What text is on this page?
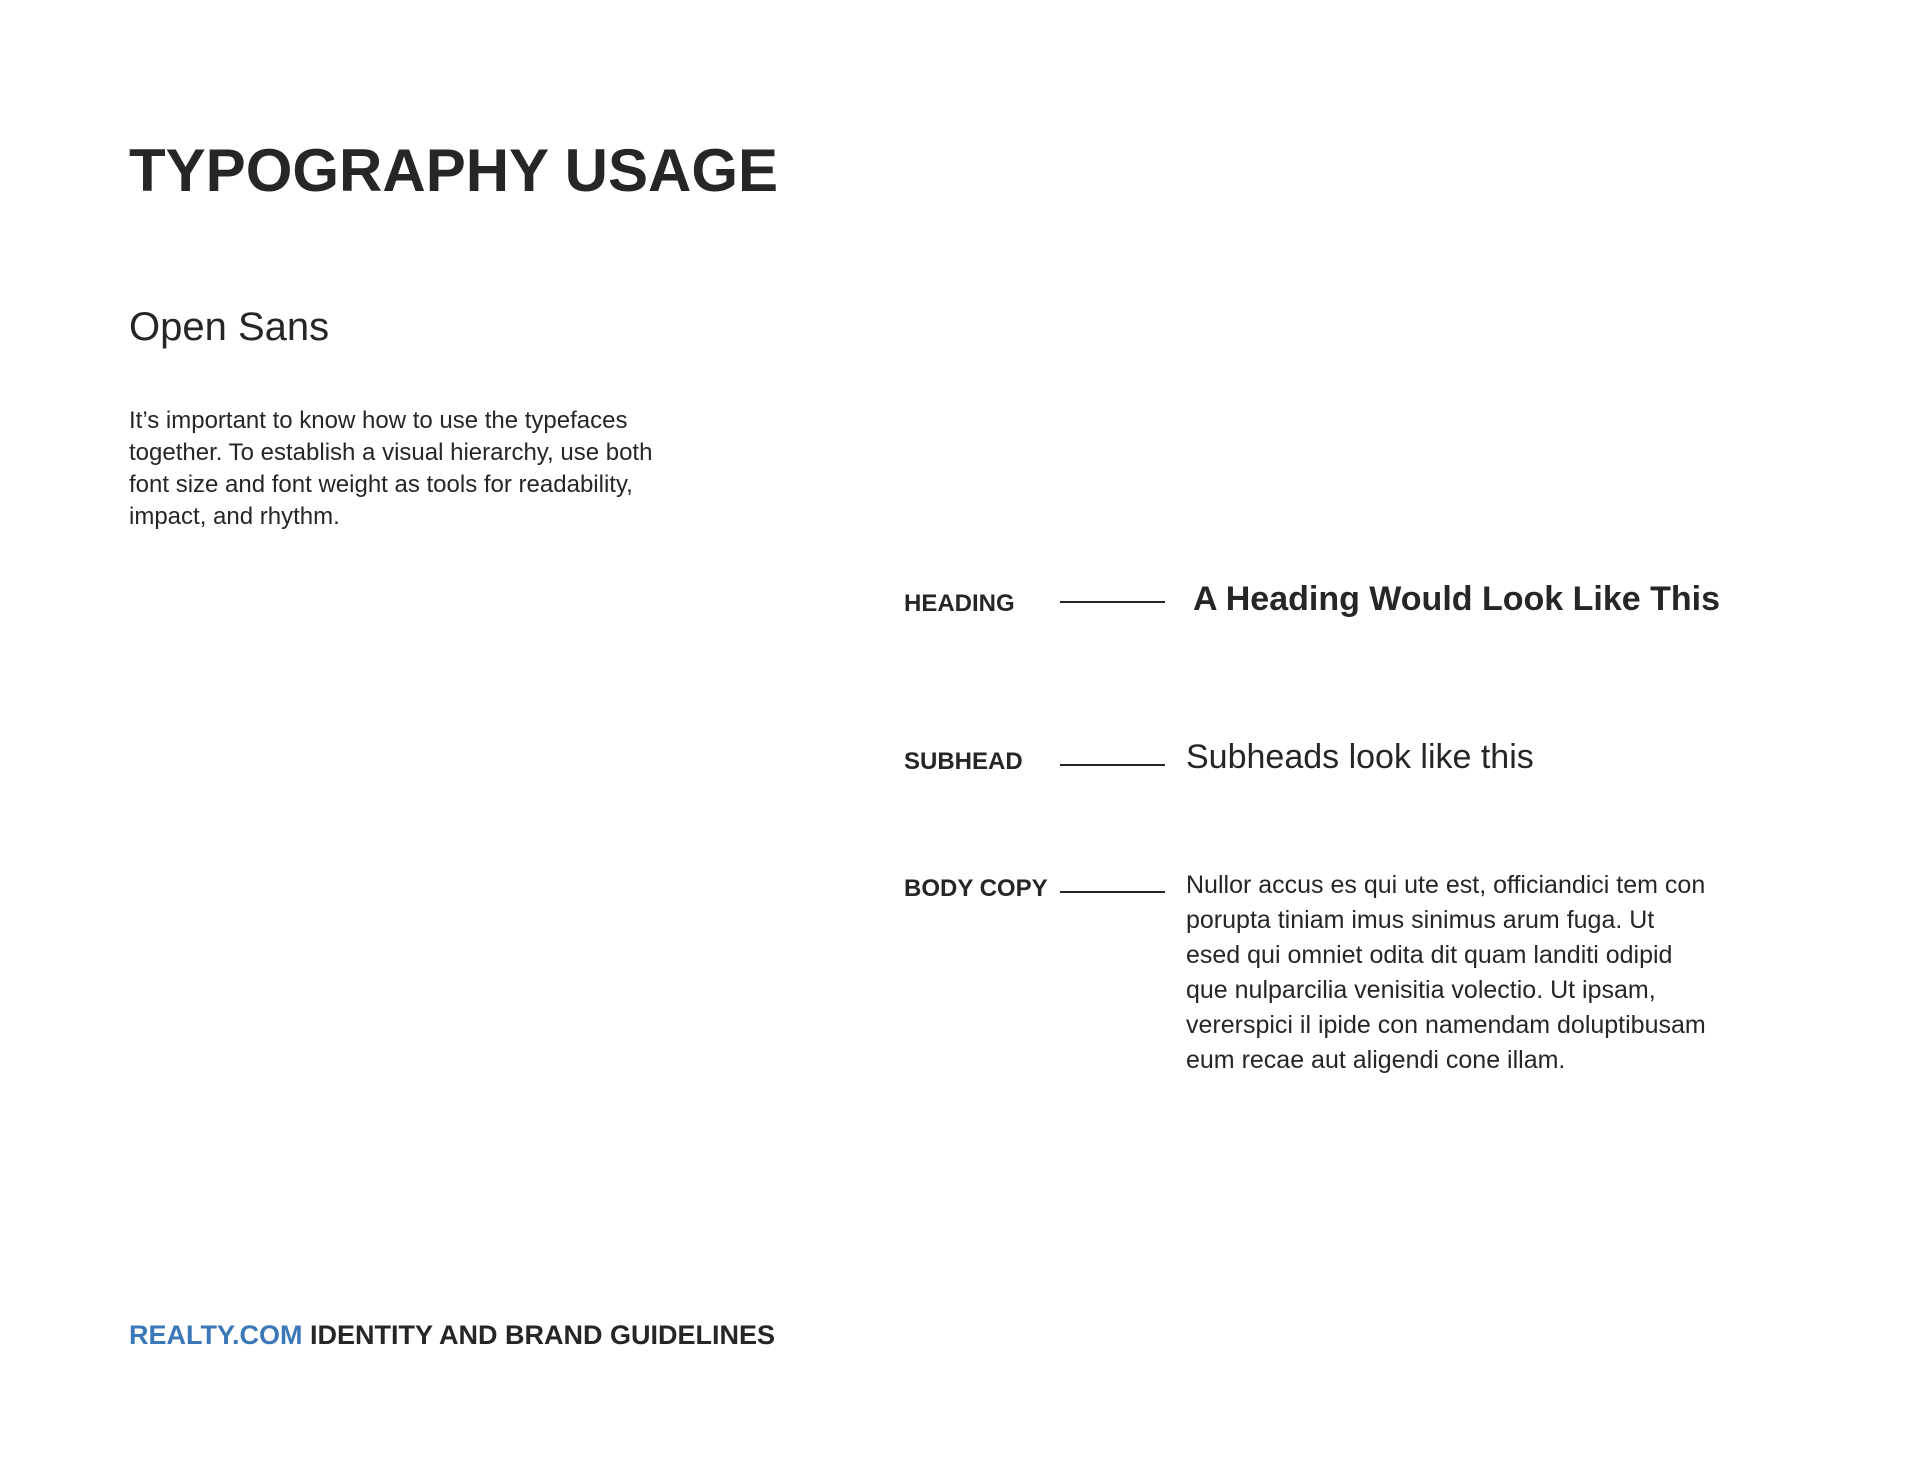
TYPOGRAPHY USAGE
Open Sans

It’s important to know how to use the typefaces
together. To establish a visual hierarchy, use both
font size and font weight as tools for readability,
impact, and rhythm.

HEADING	A Heading Would Look Like This
SUBHEAD	Subheads look like this
BODY COPY	Nullor accus es qui ute est, officiandici tem con
porupta tiniam imus sinimus arum fuga. Ut
esed qui omniet odita dit quam landiti odipid
que nulparcilia venisitia volectio. Ut ipsam,
vererspici il ipide con namendam doluptibusam
eum recae aut aligendi cone illam.

REALTY.COM IDENTITY AND BRAND GUIDELINES
